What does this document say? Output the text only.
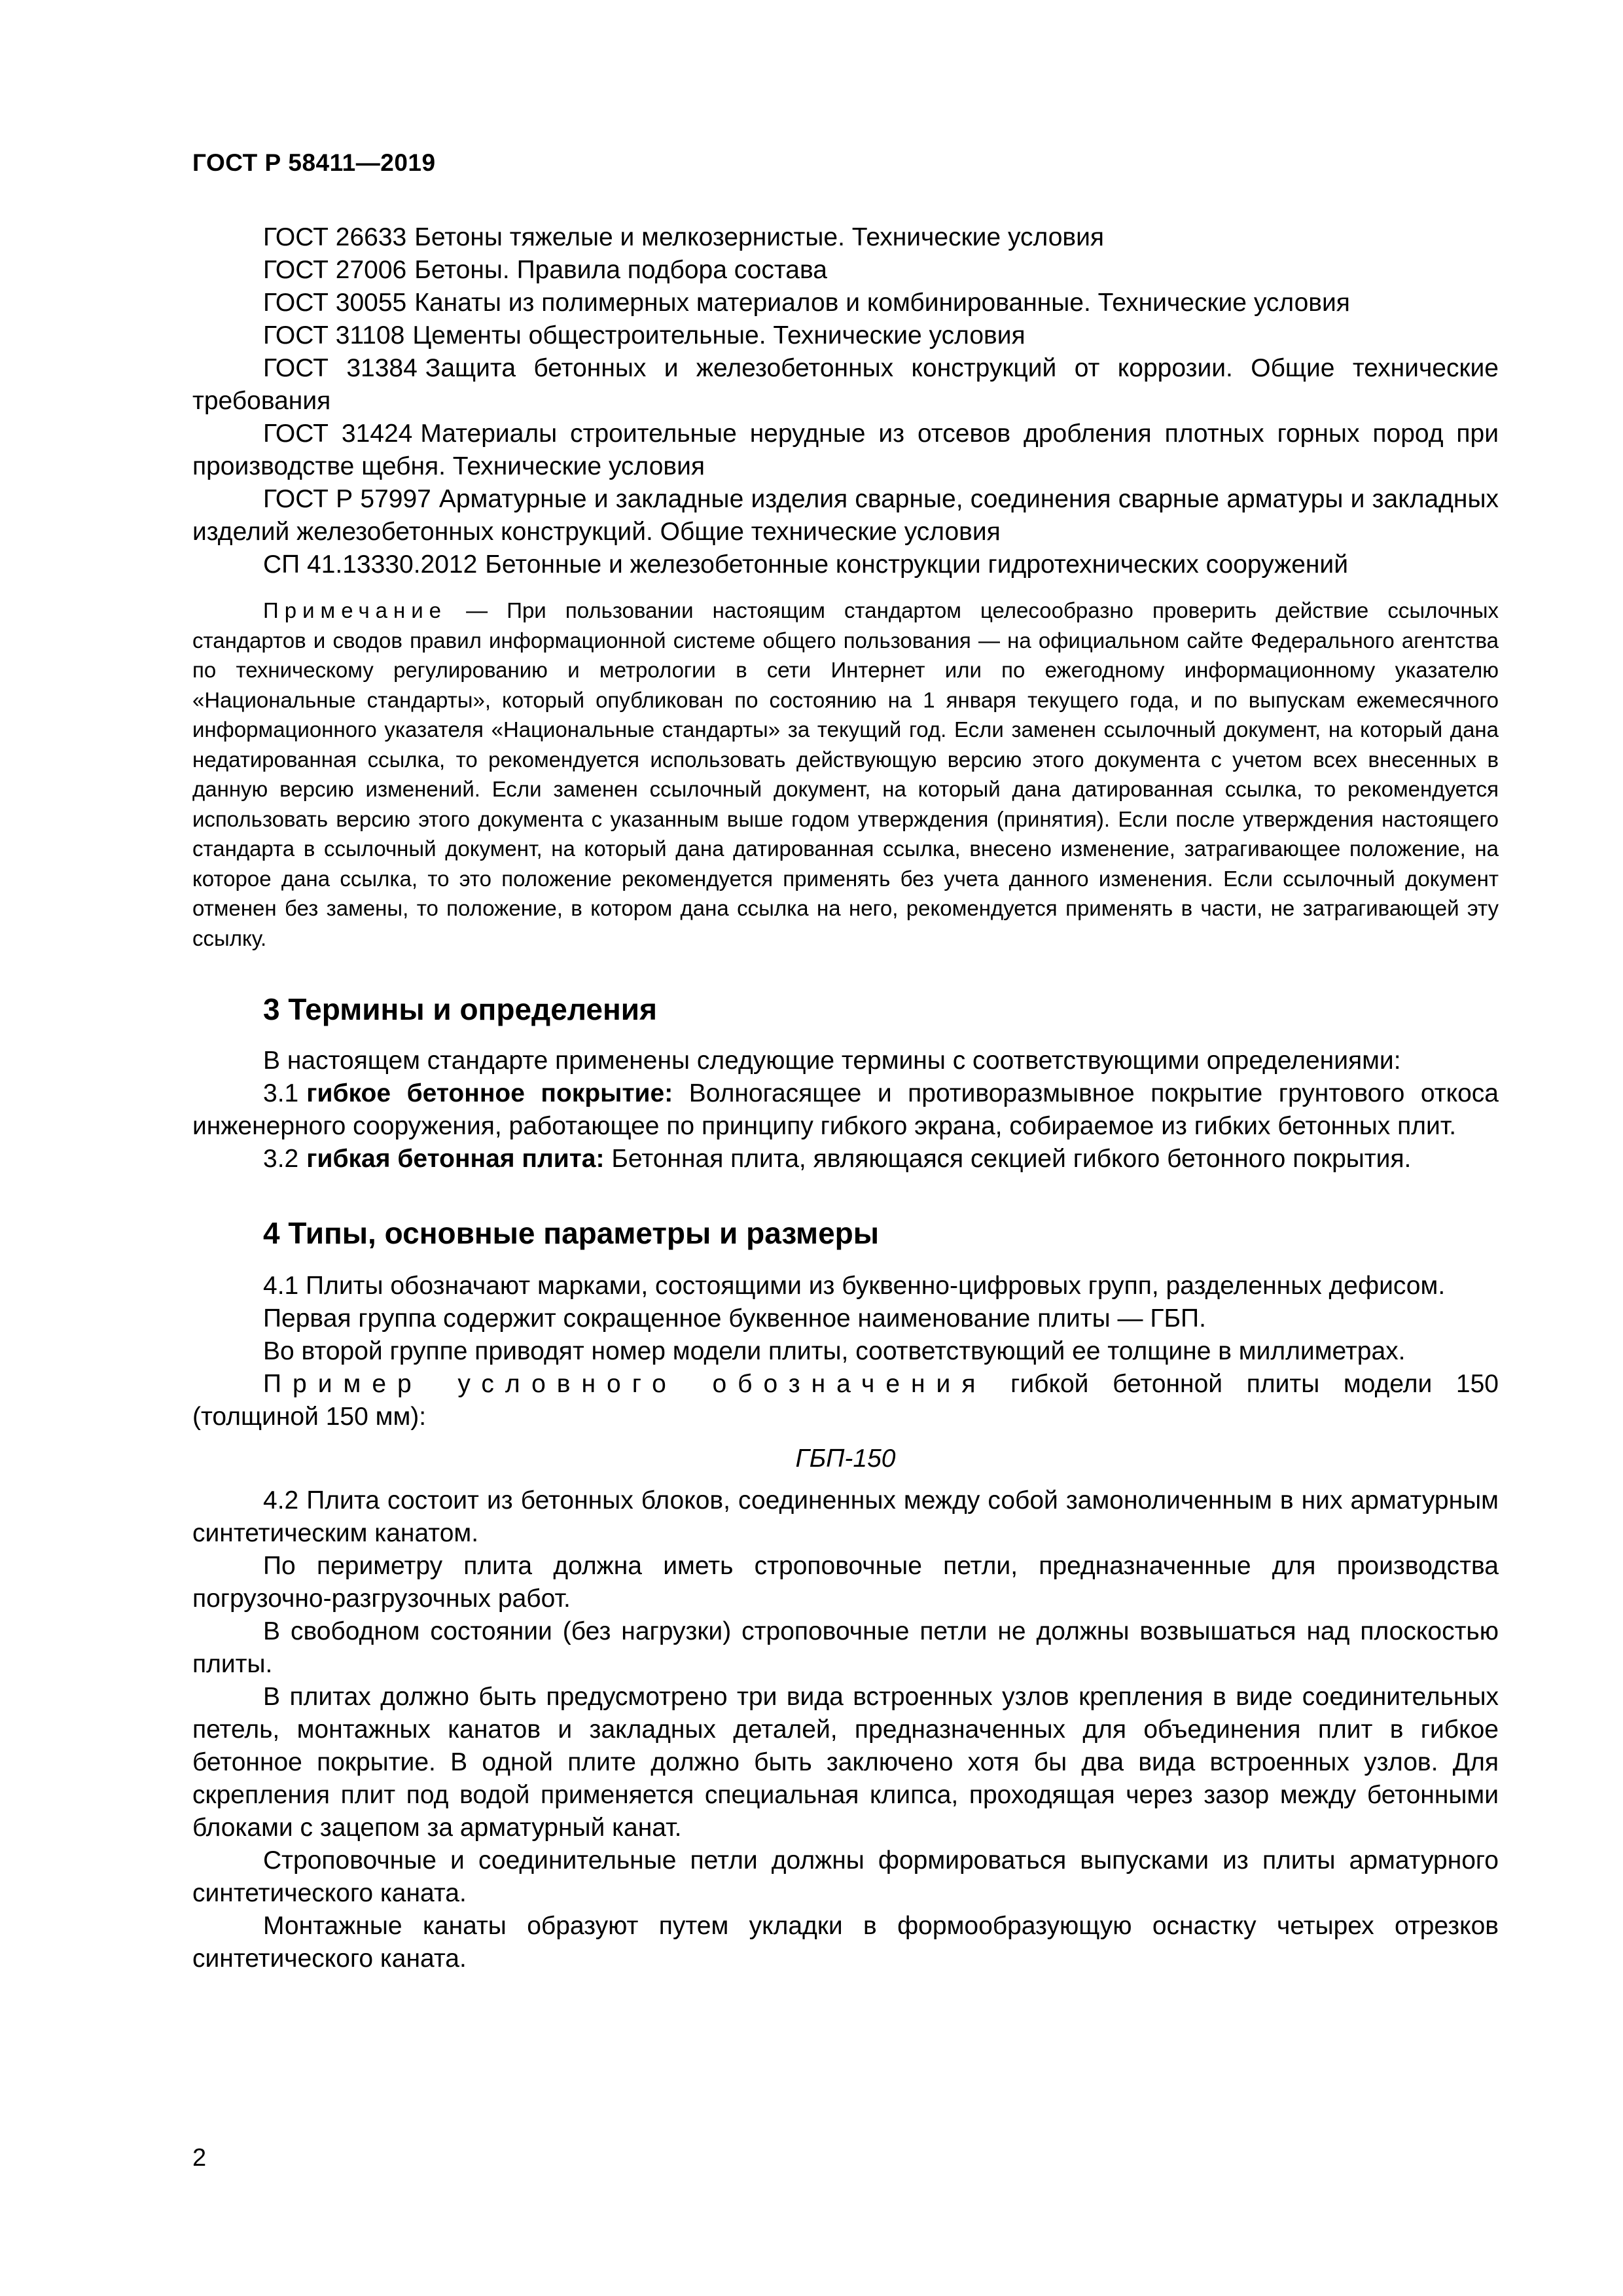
ГОСТ Р 58411—2019

ГОСТ 26633 Бетоны тяжелые и мелкозернистые. Технические условия

ГОСТ 27006 Бетоны. Правила подбора состава

ГОСТ 30055 Канаты из полимерных материалов и комбинированные. Технические условия

ГОСТ 31108 Цементы общестроительные. Технические условия

ГОСТ 31384 Защита бетонных и железобетонных конструкций от коррозии. Общие технические требования

ГОСТ 31424 Материалы строительные нерудные из отсевов дробления плотных горных пород при производстве щебня. Технические условия

ГОСТ Р 57997 Арматурные и закладные изделия сварные, соединения сварные арматуры и закладных изделий железобетонных конструкций. Общие технические условия

СП 41.13330.2012 Бетонные и железобетонные конструкции гидротехнических сооружений

Примечание — При пользовании настоящим стандартом целесообразно проверить действие ссылочных стандартов и сводов правил информационной системе общего пользования — на официальном сайте Федерального агентства по техническому регулированию и метрологии в сети Интернет или по ежегодному информационному указателю «Национальные стандарты», который опубликован по состоянию на 1 января текущего года, и по выпускам ежемесячного информационного указателя «Национальные стандарты» за текущий год. Если заменен ссылочный документ, на который дана недатированная ссылка, то рекомендуется использовать действующую версию этого документа с учетом всех внесенных в данную версию изменений. Если заменен ссылочный документ, на который дана датированная ссылка, то рекомендуется использовать версию этого документа с указанным выше годом утверждения (принятия). Если после утверждения настоящего стандарта в ссылочный документ, на который дана датированная ссылка, внесено изменение, затрагивающее положение, на которое дана ссылка, то это положение рекомендуется применять без учета данного изменения. Если ссылочный документ отменен без замены, то положение, в котором дана ссылка на него, рекомендуется применять в части, не затрагивающей эту ссылку.

3 Термины и определения

В настоящем стандарте применены следующие термины с соответствующими определениями:

3.1 гибкое бетонное покрытие: Волногасящее и противоразмывное покрытие грунтового откоса инженерного сооружения, работающее по принципу гибкого экрана, собираемое из гибких бетонных плит.

3.2 гибкая бетонная плита: Бетонная плита, являющаяся секцией гибкого бетонного покрытия.

4 Типы, основные параметры и размеры

4.1 Плиты обозначают марками, состоящими из буквенно-цифровых групп, разделенных дефисом.

Первая группа содержит сокращенное буквенное наименование плиты — ГБП.

Во второй группе приводят номер модели плиты, соответствующий ее толщине в миллиметрах.

Пример условного обозначения гибкой бетонной плиты модели 150 (толщиной 150 мм):

ГБП-150

4.2 Плита состоит из бетонных блоков, соединенных между собой замоноличенным в них арматурным синтетическим канатом.

По периметру плита должна иметь строповочные петли, предназначенные для производства погрузочно-разгрузочных работ.

В свободном состоянии (без нагрузки) строповочные петли не должны возвышаться над плоскостью плиты.

В плитах должно быть предусмотрено три вида встроенных узлов крепления в виде соединительных петель, монтажных канатов и закладных деталей, предназначенных для объединения плит в гибкое бетонное покрытие. В одной плите должно быть заключено хотя бы два вида встроенных узлов. Для скрепления плит под водой применяется специальная клипса, проходящая через зазор между бетонными блоками с зацепом за арматурный канат.

Строповочные и соединительные петли должны формироваться выпусками из плиты арматурного синтетического каната.

Монтажные канаты образуют путем укладки в формообразующую оснастку четырех отрезков синтетического каната.

2
